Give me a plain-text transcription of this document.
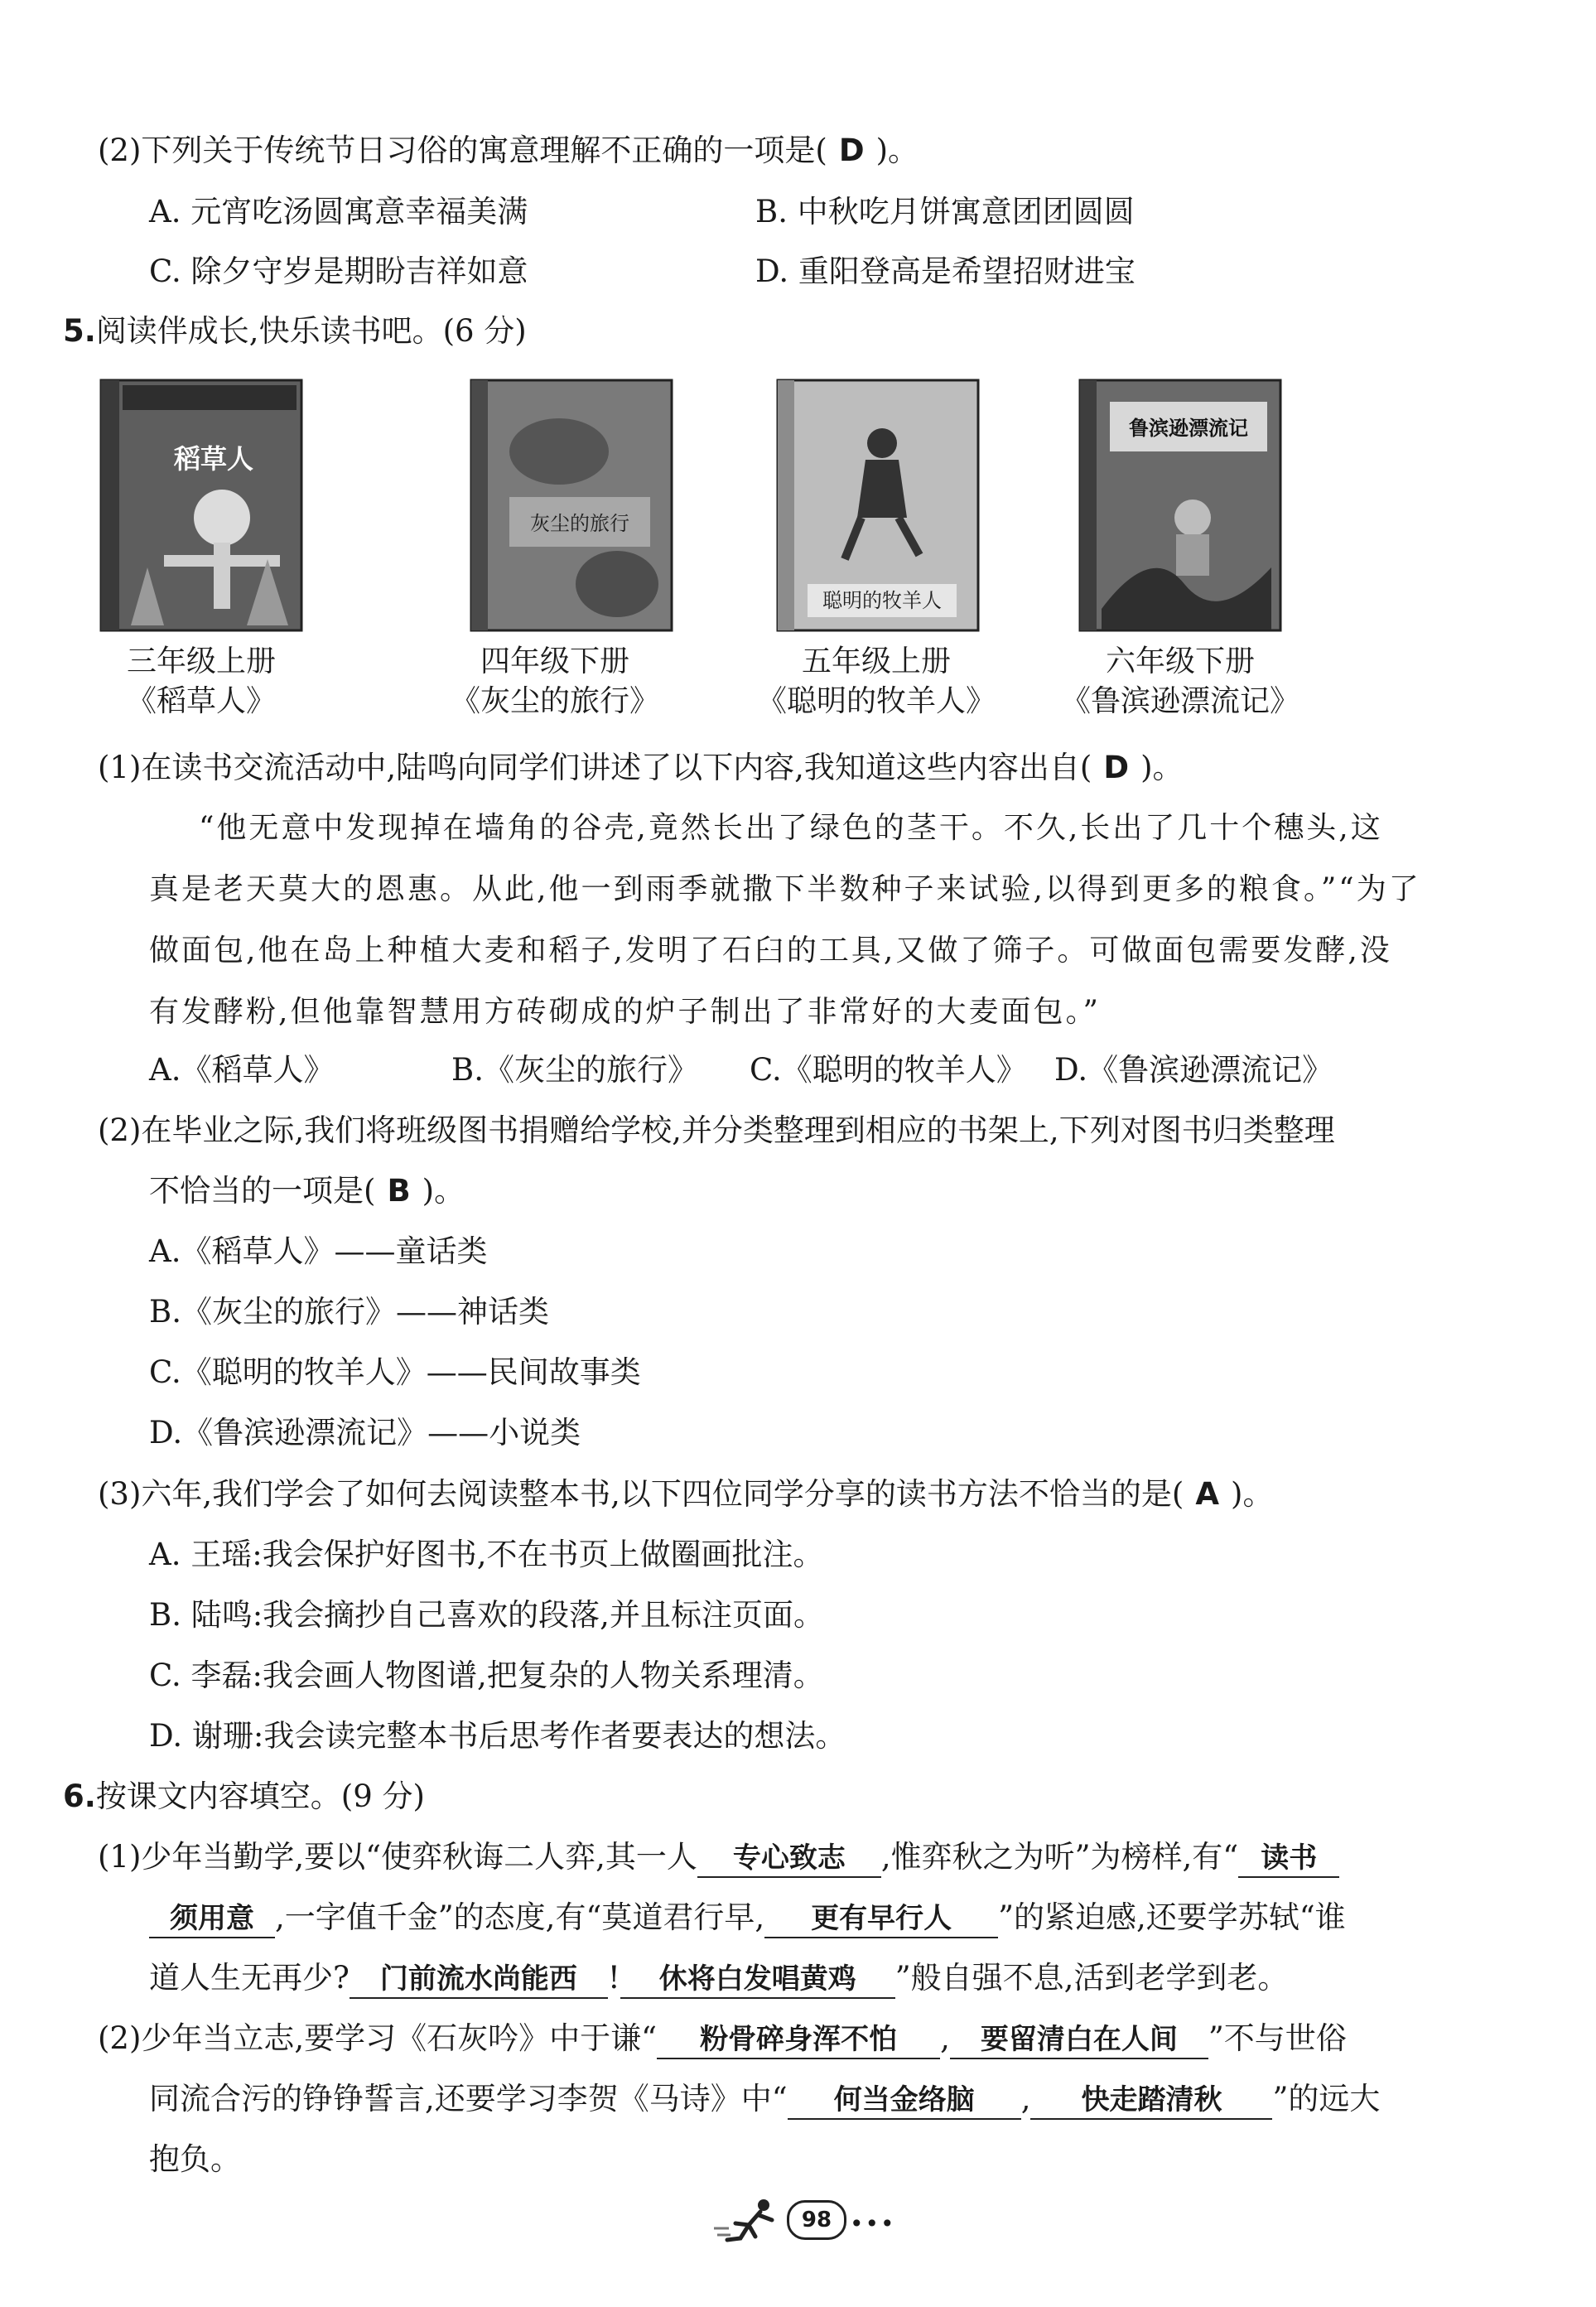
(2)下列关于传统节日习俗的寓意理解不正确的一项是( D )。
A. 元宵吃汤圆寓意幸福美满	B. 中秋吃月饼寓意团团圆圆
C. 除夕守岁是期盼吉祥如意	D. 重阳登高是希望招财进宝
5.阅读伴成长,快乐读书吧。(6 分)
稻草人
灰尘的旅行
聪明的牧羊人
鲁滨逊漂流记
三年级上册
《稻草人》
四年级下册
《灰尘的旅行》
五年级上册
《聪明的牧羊人》
六年级下册
《鲁滨逊漂流记》
(1)在读书交流活动中,陆鸣向同学们讲述了以下内容,我知道这些内容出自( D )。
“他无意中发现掉在墙角的谷壳,竟然长出了绿色的茎干。不久,长出了几十个穗头,这
真是老天莫大的恩惠。从此,他一到雨季就撒下半数种子来试验,以得到更多的粮食。”“为了
做面包,他在岛上种植大麦和稻子,发明了石臼的工具,又做了筛子。可做面包需要发酵,没
有发酵粉,但他靠智慧用方砖砌成的炉子制出了非常好的大麦面包。”
A.《稻草人》	B.《灰尘的旅行》 C.《聪明的牧羊人》 D.《鲁滨逊漂流记》
(2)在毕业之际,我们将班级图书捐赠给学校,并分类整理到相应的书架上,下列对图书归类整理
不恰当的一项是( B )。
A.《稻草人》——童话类
B.《灰尘的旅行》——神话类
C.《聪明的牧羊人》——民间故事类
D.《鲁滨逊漂流记》——小说类
(3)六年,我们学会了如何去阅读整本书,以下四位同学分享的读书方法不恰当的是( A )。
A. 王瑶:我会保护好图书,不在书页上做圈画批注。
B. 陆鸣:我会摘抄自己喜欢的段落,并且标注页面。
C. 李磊:我会画人物图谱,把复杂的人物关系理清。
D. 谢珊:我会读完整本书后思考作者要表达的想法。
6.按课文内容填空。(9 分)
(1)少年当勤学,要以“使弈秋诲二人弈,其一人 专心致志 ,惟弈秋之为听”为榜样,有“ 读书
须用意 ,一字值千金”的态度,有“莫道君行早, 更有早行人 ”的紧迫感,还要学苏轼“谁
道人生无再少? 门前流水尚能西 ! 休将白发唱黄鸡 ”般自强不息,活到老学到老。
(2)少年当立志,要学习《石灰吟》中于谦“ 粉骨碎身浑不怕 , 要留清白在人间 ”不与世俗
同流合污的铮铮誓言,还要学习李贺《马诗》中“ 何当金络脑 , 快走踏清秋 ”的远大
抱负。
98 •••
